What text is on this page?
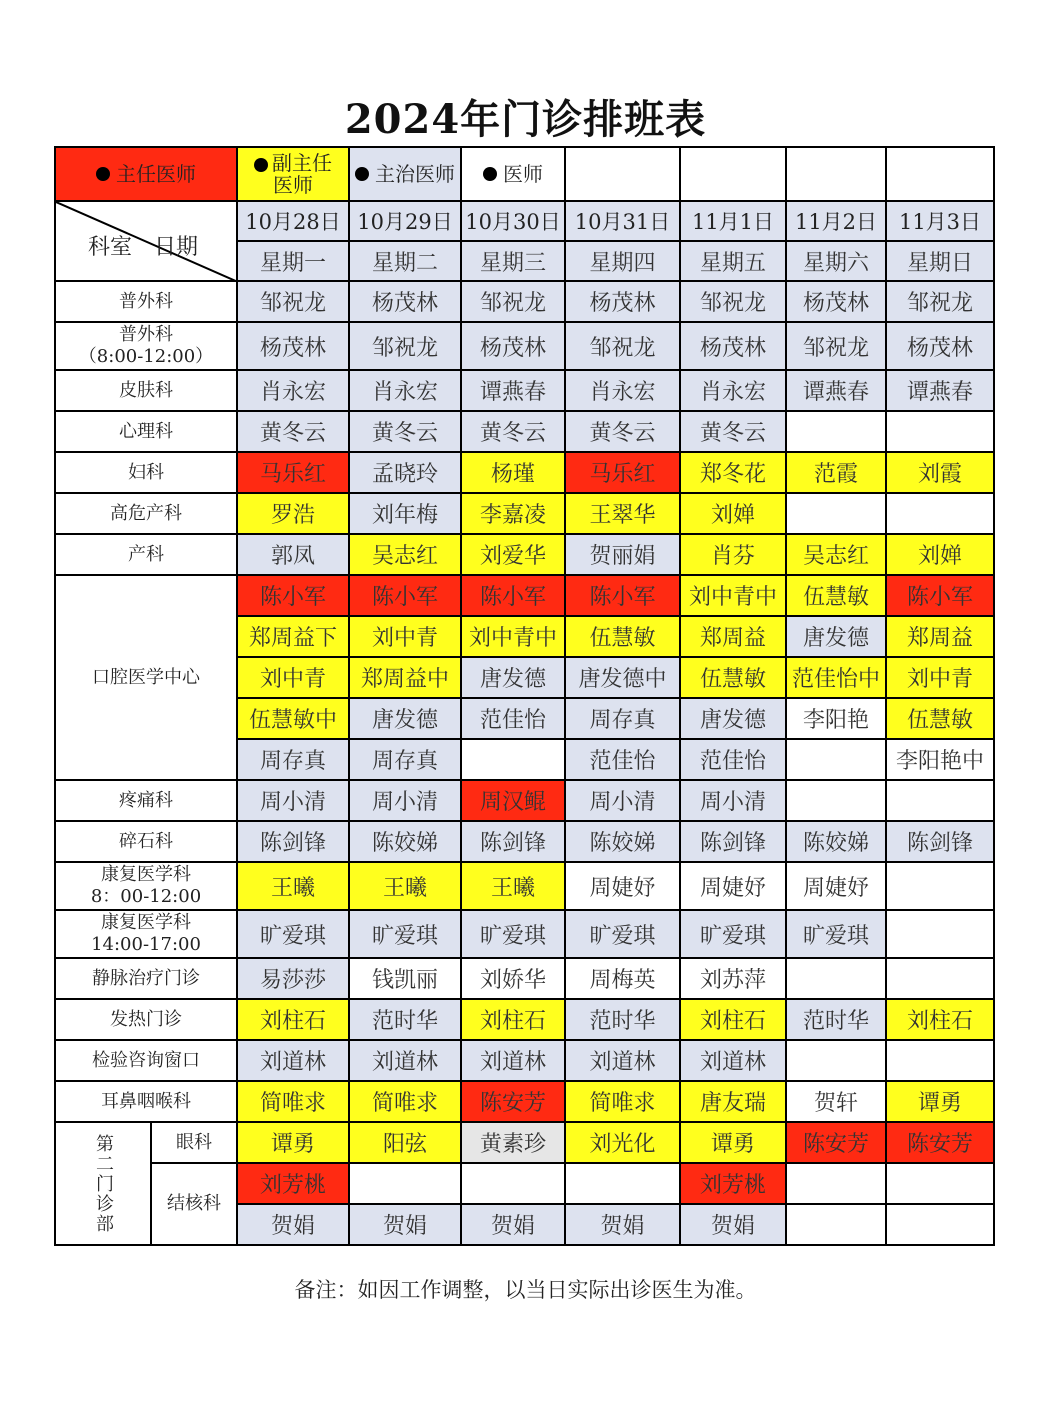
2024年门诊排班表
主任医师		副主任
医师	主治医师	医师				

科室 日期		10月28日	10月29日	10月30日	10月31日	11月1日	11月2日	11月3日
		星期一	星期二	星期三	星期四	星期五	星期六	星期日

普外科		邹祝龙	杨茂林	邹祝龙	杨茂林	邹祝龙	杨茂林	邹祝龙

普外科
（8:00-12:00）		杨茂林	邹祝龙	杨茂林	邹祝龙	杨茂林	邹祝龙	杨茂林

皮肤科		肖永宏	肖永宏	谭燕春	肖永宏	肖永宏	谭燕春	谭燕春

心理科		黄冬云	黄冬云	黄冬云	黄冬云	黄冬云		

妇科		马乐红	孟晓玲	杨瑾	马乐红	郑冬花	范霞	刘霞

高危产科		罗浩	刘年梅	李嘉凌	王翠华	刘婵		

产科		郭凤	吴志红	刘爱华	贺丽娟	肖芬	吴志红	刘婵
口腔医学中心		陈小军	陈小军	陈小军	陈小军	刘中青中	伍慧敏	陈小军
		郑周益下	刘中青	刘中青中	伍慧敏	郑周益	唐发德	郑周益
		刘中青	郑周益中	唐发德	唐发德中	伍慧敏	范佳怡中	刘中青
		伍慧敏中	唐发德	范佳怡	周存真	唐发德	李阳艳	伍慧敏
		周存真	周存真		范佳怡	范佳怡		李阳艳中

疼痛科		周小清	周小清	周汉鲲	周小清	周小清		

碎石科		陈剑锋	陈姣娣	陈剑锋	陈姣娣	陈剑锋	陈姣娣	陈剑锋

康复医学科
8：00-12:00		王曦	王曦	王曦	周婕妤	周婕妤	周婕妤	

康复医学科
14:00-17:00		旷爱琪	旷爱琪	旷爱琪	旷爱琪	旷爱琪	旷爱琪	

静脉治疗门诊		易莎莎	钱凯丽	刘娇华	周梅英	刘苏萍		

发热门诊		刘柱石	范时华	刘柱石	范时华	刘柱石	范时华	刘柱石

检验咨询窗口		刘道林	刘道林	刘道林	刘道林	刘道林		

耳鼻咽喉科		简唯求	简唯求	陈安芳	简唯求	唐友瑞	贺轩	谭勇

第二门诊部	眼科	谭勇	阳弦	黄素珍	刘光化	谭勇	陈安芳	陈安芳
	结核科	刘芳桃				刘芳桃		
		贺娟	贺娟	贺娟	贺娟	贺娟		
备注：如因工作调整，以当日实际出诊医生为准。
